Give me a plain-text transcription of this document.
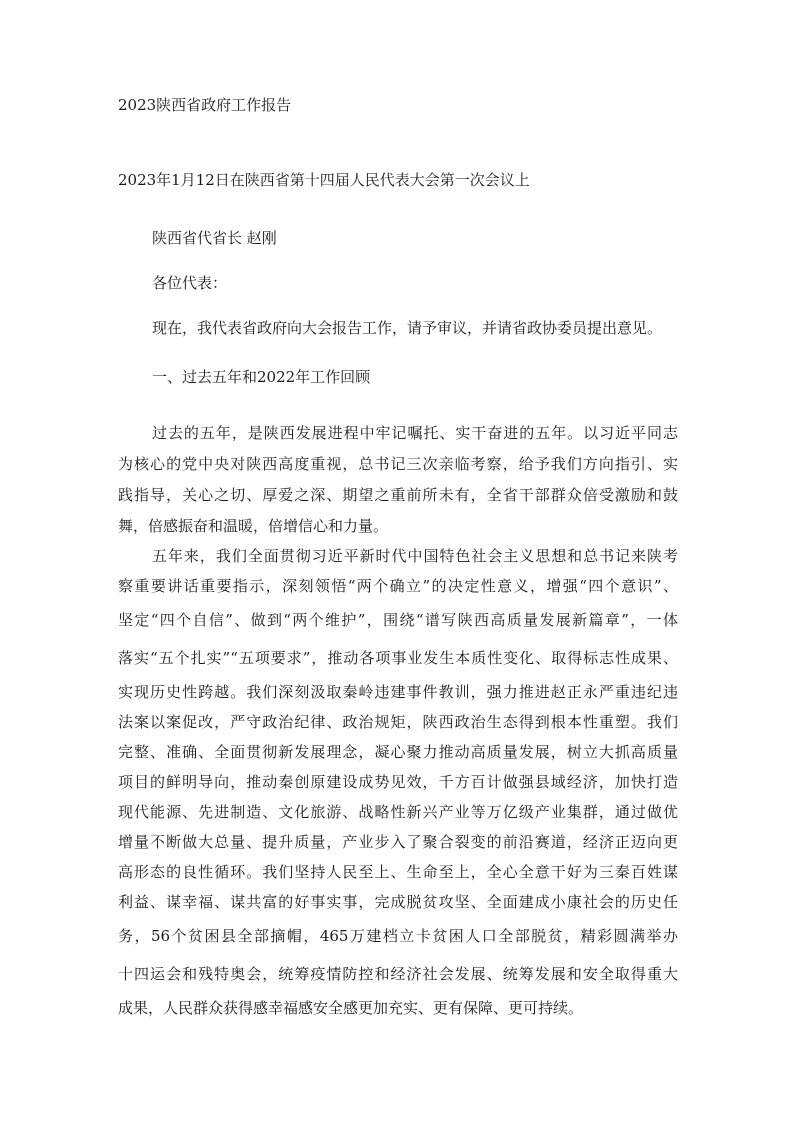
2023陕西省政府工作报告
2023年1月12日在陕西省第十四届人民代表大会第一次会议上
陕西省代省长 赵刚
各位代表：
现在，我代表省政府向大会报告工作，请予审议，并请省政协委员提出意见。
一、过去五年和2022年工作回顾
过去的五年，是陕西发展进程中牢记嘱托、实干奋进的五年。以习近平同志
为核心的党中央对陕西高度重视，总书记三次亲临考察，给予我们方向指引、实
践指导，关心之切、厚爱之深、期望之重前所未有，全省干部群众倍受激励和鼓
舞，倍感振奋和温暖，倍增信心和力量。
五年来，我们全面贯彻习近平新时代中国特色社会主义思想和总书记来陕考
察重要讲话重要指示，深刻领悟“两个确立”的决定性意义，增强“四个意识”、
坚定“四个自信”、做到“两个维护”，围绕“谱写陕西高质量发展新篇章”，一体
落实“五个扎实”“五项要求”，推动各项事业发生本质性变化、取得标志性成果、
实现历史性跨越。我们深刻汲取秦岭违建事件教训，强力推进赵正永严重违纪违
法案以案促改，严守政治纪律、政治规矩，陕西政治生态得到根本性重塑。我们
完整、准确、全面贯彻新发展理念，凝心聚力推动高质量发展，树立大抓高质量
项目的鲜明导向，推动秦创原建设成势见效，千方百计做强县域经济，加快打造
现代能源、先进制造、文化旅游、战略性新兴产业等万亿级产业集群，通过做优
增量不断做大总量、提升质量，产业步入了聚合裂变的前沿赛道，经济正迈向更
高形态的良性循环。我们坚持人民至上、生命至上，全心全意干好为三秦百姓谋
利益、谋幸福、谋共富的好事实事，完成脱贫攻坚、全面建成小康社会的历史任
务，56个贫困县全部摘帽，465万建档立卡贫困人口全部脱贫，精彩圆满举办
十四运会和残特奥会，统筹疫情防控和经济社会发展、统筹发展和安全取得重大
成果，人民群众获得感幸福感安全感更加充实、更有保障、更可持续。
